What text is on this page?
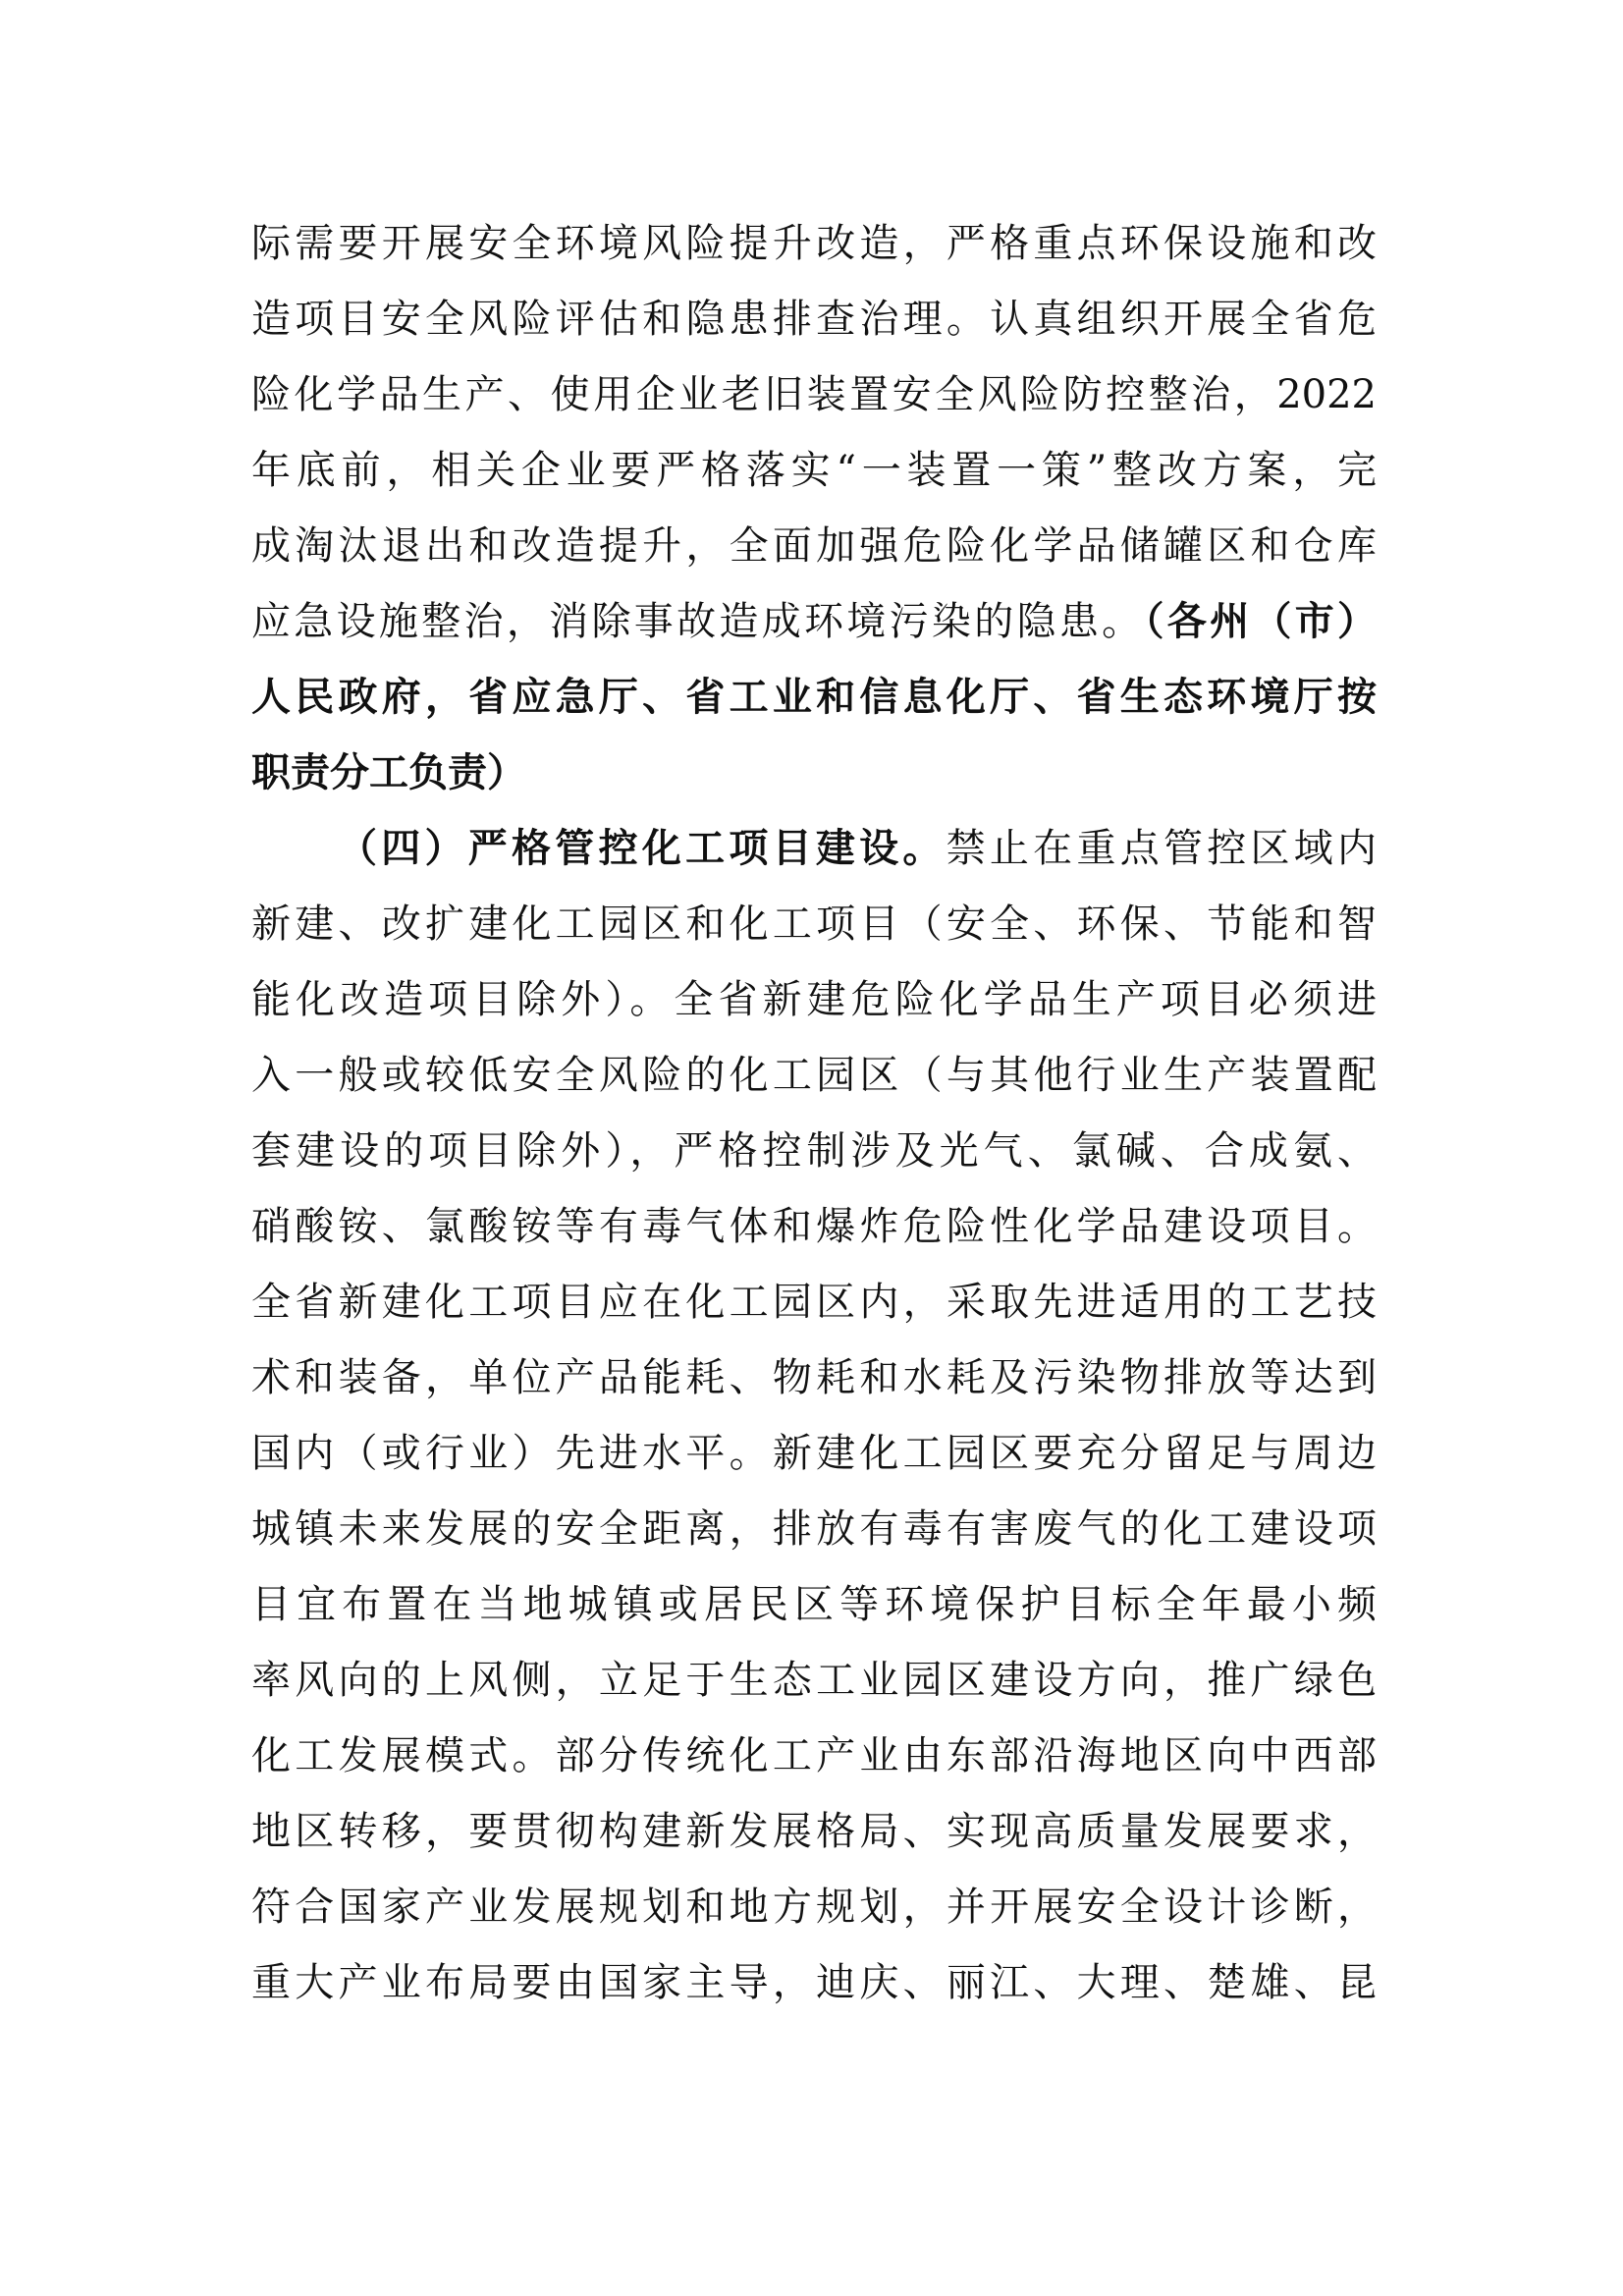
际需要开展安全环境风险提升改造，严格重点环保设施和改
造项目安全风险评估和隐患排查治理。认真组织开展全省危
险化学品生产、使用企业老旧装置安全风险防控整治，2022
年底前，相关企业要严格落实“一装置一策”整改方案，完
成淘汰退出和改造提升，全面加强危险化学品储罐区和仓库
应急设施整治，消除事故造成环境污染的隐患。（各州（市）
人民政府，省应急厅、省工业和信息化厅、省生态环境厅按
职责分工负责）
（四）严格管控化工项目建设。禁止在重点管控区域内
新建、改扩建化工园区和化工项目（安全、环保、节能和智
能化改造项目除外）。全省新建危险化学品生产项目必须进
入一般或较低安全风险的化工园区（与其他行业生产装置配
套建设的项目除外），严格控制涉及光气、氯碱、合成氨、
硝酸铵、氯酸铵等有毒气体和爆炸危险性化学品建设项目。
全省新建化工项目应在化工园区内，采取先进适用的工艺技
术和装备，单位产品能耗、物耗和水耗及污染物排放等达到
国内（或行业）先进水平。新建化工园区要充分留足与周边
城镇未来发展的安全距离，排放有毒有害废气的化工建设项
目宜布置在当地城镇或居民区等环境保护目标全年最小频
率风向的上风侧，立足于生态工业园区建设方向，推广绿色
化工发展模式。部分传统化工产业由东部沿海地区向中西部
地区转移，要贯彻构建新发展格局、实现高质量发展要求，
符合国家产业发展规划和地方规划，并开展安全设计诊断，
重大产业布局要由国家主导，迪庆、丽江、大理、楚雄、昆
